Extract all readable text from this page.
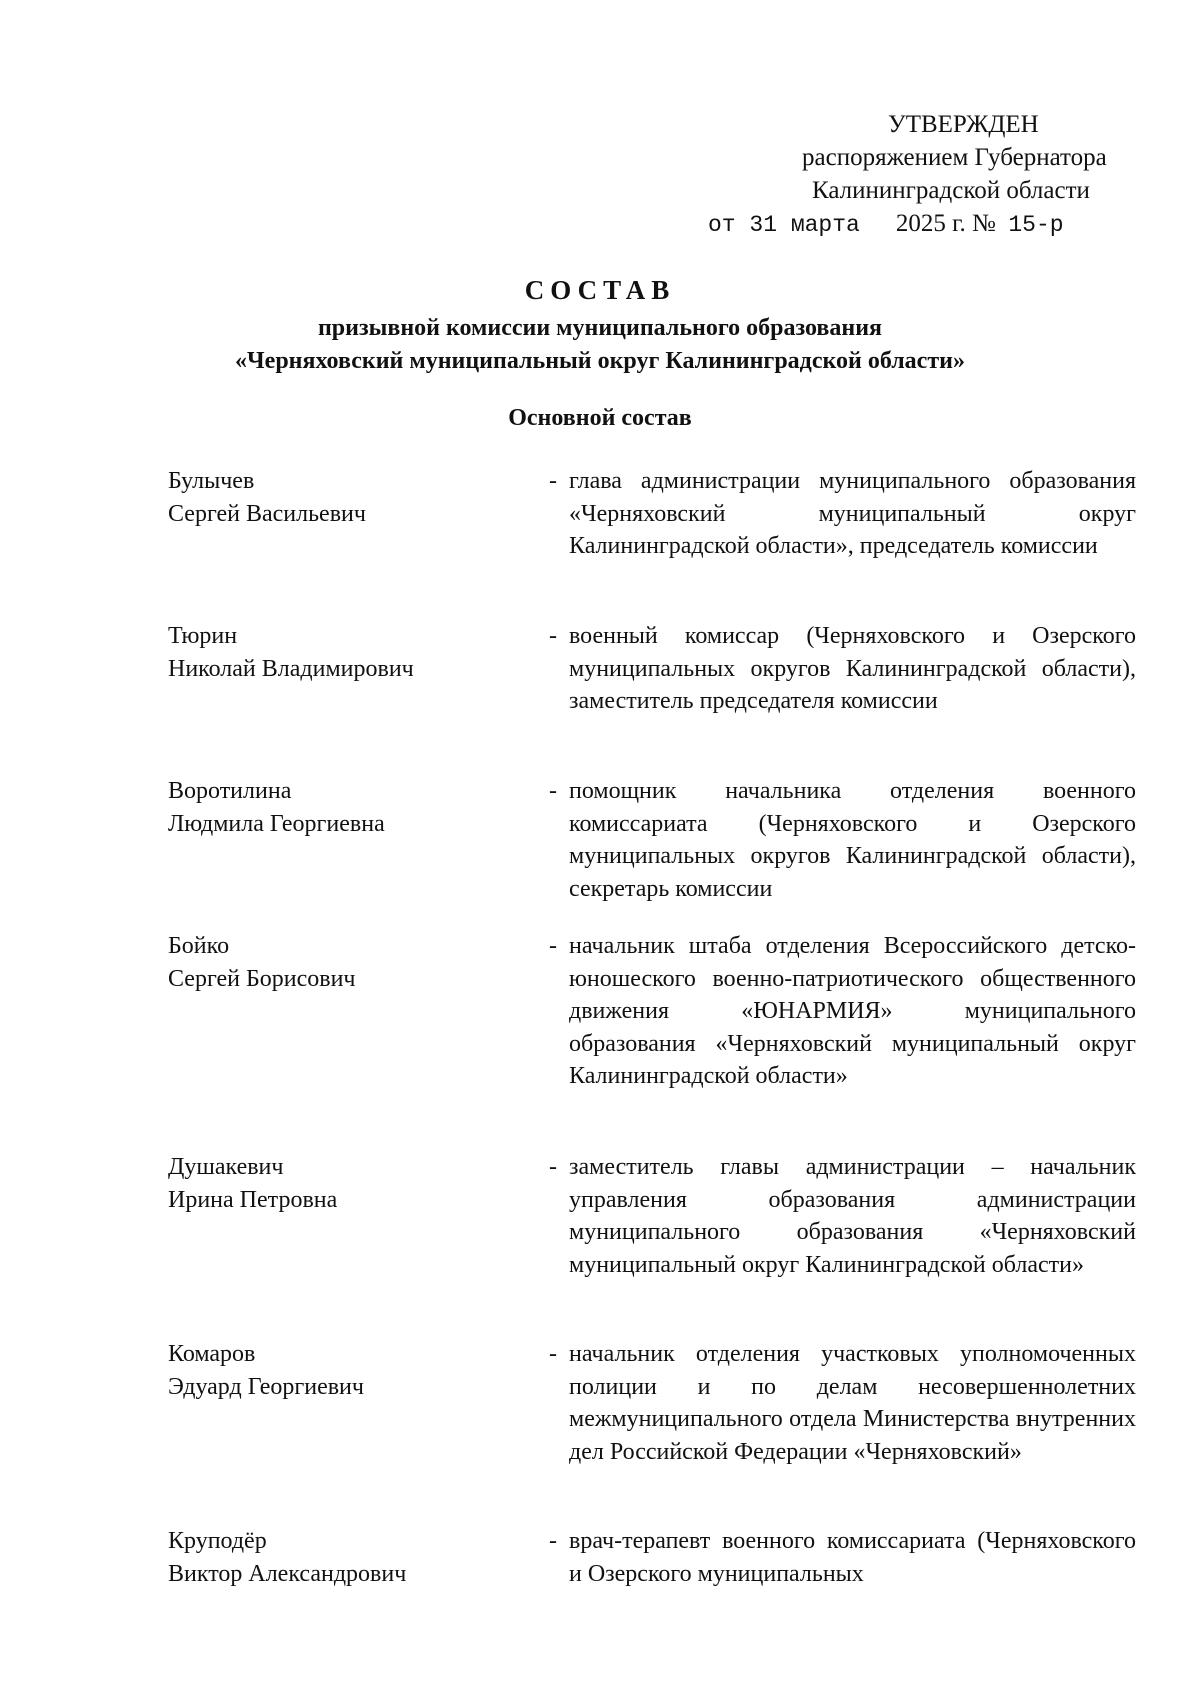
УТВЕРЖДЕН
распоряжением Губернатора
Калининградской области
от 31 марта 2025 г. № 15-р
СОСТАВ
призывной комиссии муниципального образования
«Черняховский муниципальный округ Калининградской области»
Основной состав
Булычев
Сергей Васильевич
- глава администрации муниципального образования «Черняховский муниципальный округ Калининградской области», председатель комиссии
Тюрин
Николай Владимирович
- военный комиссар (Черняховского и Озерского муниципальных округов Калининградской области), заместитель председателя комиссии
Воротилина
Людмила Георгиевна
- помощник начальника отделения военного комиссариата (Черняховского и Озерского муниципальных округов Калининградской области), секретарь комиссии
Бойко
Сергей Борисович
- начальник штаба отделения Всероссийского детско-юношеского военно-патриотического общественного движения «ЮНАРМИЯ» муниципального образования «Черняховский муниципальный округ Калининградской области»
Душакевич
Ирина Петровна
- заместитель главы администрации – начальник управления образования администрации муниципального образования «Черняховский муниципальный округ Калининградской области»
Комаров
Эдуард Георгиевич
- начальник отделения участковых уполномоченных полиции и по делам несовершеннолетних межмуниципального отдела Министерства внутренних дел Российской Федерации «Черняховский»
Круподёр
Виктор Александрович
- врач-терапевт военного комиссариата (Черняховского и Озерского муниципальных
